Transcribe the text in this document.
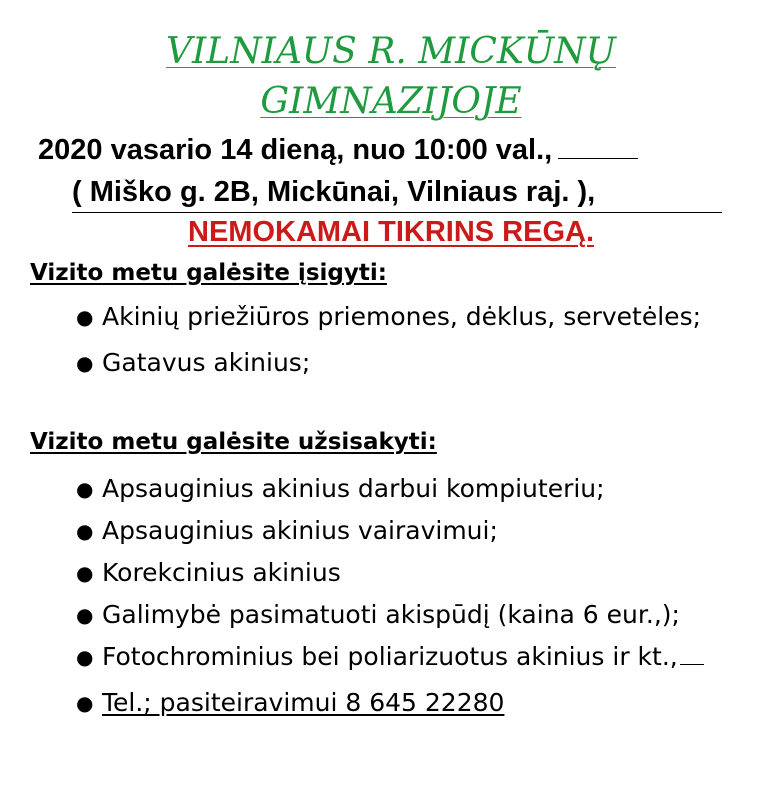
VILNIAUS R. MICKŪNŲ
GIMNAZIJOJE
2020 vasario 14 dieną, nuo 10:00 val.,
( Miško g. 2B, Mickūnai, Vilniaus raj. ),
NEMOKAMAI TIKRINS REGĄ.
Vizito metu galėsite įsigyti:
● Akinių priežiūros priemones, dėklus, servetėles;
● Gatavus akinius;
Vizito metu galėsite užsisakyti:
● Apsauginius akinius darbui kompiuteriu;
● Apsauginius akinius vairavimui;
● Korekcinius akinius
● Galimybė pasimatuoti akispūdį (kaina 6 eur.,);
● Fotochrominius bei poliarizuotus akinius ir kt.,
● Tel.; pasiteiravimui 8 645 22280
